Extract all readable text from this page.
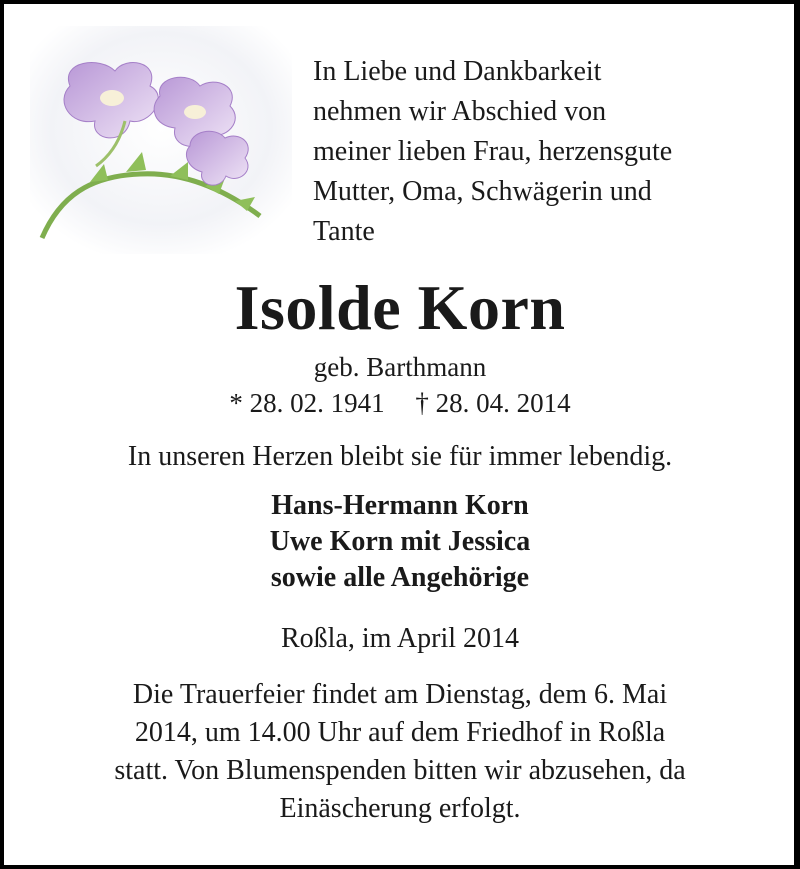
In Liebe und Dankbarkeit
nehmen wir Abschied von
meiner lieben Frau, herzensgute
Mutter, Oma, Schwägerin und
Tante
Isolde Korn
geb. Barthmann
* 28. 02. 1941 † 28. 04. 2014
In unseren Herzen bleibt sie für immer lebendig.
Hans-Hermann Korn
Uwe Korn mit Jessica
sowie alle Angehörige
Roßla, im April 2014
Die Trauerfeier findet am Dienstag, dem 6. Mai
2014, um 14.00 Uhr auf dem Friedhof in Roßla
statt. Von Blumenspenden bitten wir abzusehen, da
Einäscherung erfolgt.
